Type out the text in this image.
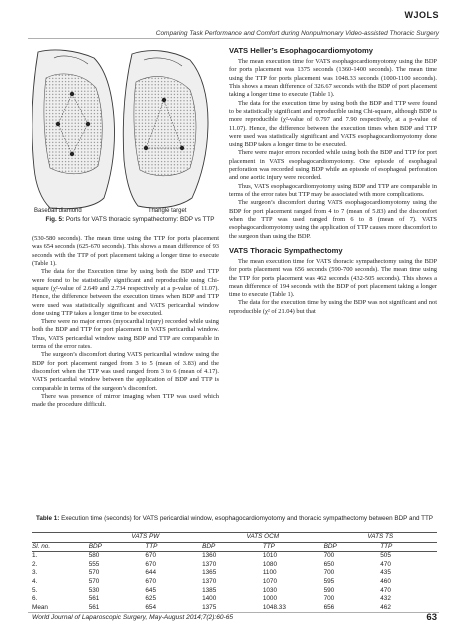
WJOLS
Comparing Task Performance and Comfort during Nonpulmonary Video-assisted Thoracic Surgery
Baseball diamond	Triangle target
Fig. 5: Ports for VATS thoracic sympathectomy: BDP vs TTP

(530-580 seconds). The mean time using the TTP for ports placement was 654 seconds (625-670 seconds). This shows a mean difference of 93 seconds with the TTP of port placement taking a longer time to execute (Table 1).

The data for the Execution time by using both the BDP and TTP were found to be statistically significant and reproducible using Chi-square (χ²-value of 2.649 and 2.734 respectively at a p-value of 11.07). Hence, the difference between the execution times when BDP and TTP were used was statistically significant and VATS pericardial window done using TTP takes a longer time to be executed.

There were no major errors (myocardial injury) recorded while using both the BDP and TTP for port placement in VATS pericardial window. Thus, VATS pericardial window using BDP and TTP are comparable in terms of the error rates.

The surgeon’s discomfort during VATS pericardial window using the BDP for port placement ranged from 3 to 5 (mean of 3.83) and the discomfort when the TTP was used ranged from 3 to 6 (mean of 4.17). VATS pericardial window between the application of BDP and TTP is comparable in terms of the surgeon’s discomfort.

There was presence of mirror imaging when TTP was used which made the procedure difficult.

VATS Heller’s Esophagocardiomyotomy

The mean execution time for VATS esophagocardiomyotomy using the BDP for ports placement was 1375 seconds (1360-1400 seconds). The mean time using the TTP for ports placement was 1048.33 seconds (1000-1100 seconds). This shows a mean difference of 326.67 seconds with the BDP of port placement taking a longer time to execute (Table 1).

The data for the execution time by using both the BDP and TTP were found to be statistically significant and reproducible using Chi-square, although BDP is more reproducible (χ²-value of 0.797 and 7.90 respectively, at a p-value of 11.07). Hence, the difference between the execution times when BDP and TTP were used was statistically significant and VATS esophagocardiomyotomy done using BDP takes a longer time to be executed.

There were major errors recorded while using both the BDP and TTP for port placement in VATS esophagocardiomyotomy. One episode of esophageal perforation was recorded using BDP while an episode of esophageal perforation and one aortic injury were recorded.

Thus, VATS esophagocardiomyotomy using BDP and TTP are comparable in terms of the error rates but TTP may be associated with more complications.

The surgeon’s discomfort during VATS esophagocardiomyotomy using the BDP for port placement ranged from 4 to 7 (mean of 5.83) and the discomfort when the TTP was used ranged from 6 to 8 (mean of 7). VATS esophagocardiomyotomy using the application of TTP causes more discomfort to the surgeon than using the BDP.

VATS Thoracic Sympathectomy

The mean execution time for VATS thoracic sympathectomy using the BDP for ports placement was 656 seconds (590-700 seconds). The mean time using the TTP for ports placement was 462 seconds (432-505 seconds). This shows a mean difference of 194 seconds with the BDP of port placement taking a longer time to execute (Table 1).

The data for the execution time by using the BDP was not significant and not reproducible (χ² of 21.04) but that

Table 1: Execution time (seconds) for VATS pericardial window, esophagocardiomyotomy and thoracic sympathectomy between BDP and TTP
	VATS PW		VATS OCM		VATS TS	
Sl. no.	BDP	TTP	BDP	TTP	BDP	TTP
1.	580	670	1360	1010	700	505
2.	555	670	1370	1080	650	470
3.	570	644	1365	1100	700	435
4.	570	670	1370	1070	595	460
5.	530	645	1385	1030	590	470
6.	561	625	1400	1000	700	432
Mean	561	654	1375	1048.33	656	462
World Journal of Laparoscopic Surgery, May-August 2014;7(2):60-65	63
